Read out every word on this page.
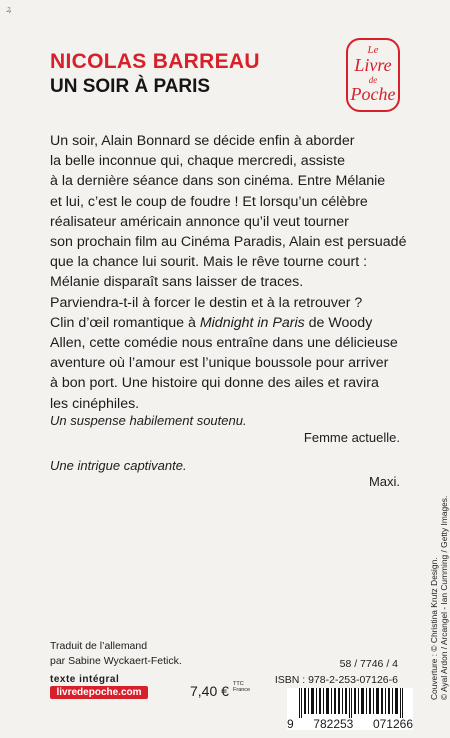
ꝝ
NICOLAS BARREAU
UN SOIR À PARIS
Le
Livre
de
Poche
Un soir, Alain Bonnard se décide enfin à aborder
la belle inconnue qui, chaque mercredi, assiste
à la dernière séance dans son cinéma. Entre Mélanie
et lui, c’est le coup de foudre ! Et lorsqu’un célèbre
réalisateur américain annonce qu’il veut tourner
son prochain film au Cinéma Paradis, Alain est persuadé
que la chance lui sourit. Mais le rêve tourne court :
Mélanie disparaît sans laisser de traces.
Parviendra-t-il à forcer le destin et à la retrouver ?
Clin d’œil romantique à Midnight in Paris de Woody
Allen, cette comédie nous entraîne dans une délicieuse
aventure où l’amour est l’unique boussole pour arriver
à bon port. Une histoire qui donne des ailes et ravira
les cinéphiles.
Un suspense habilement soutenu.
Femme actuelle.
Une intrigue captivante.
Maxi.
Couverture : © Christina Krutz Design. © Ayal Ardon / Arcangel - Ian Cumming / Getty Images.
Traduit de l’allemand
par Sabine Wyckaert-Fetick.
texte intégral
livredepoche.com	7,40 € TTC France
58 / 7746 / 4
ISBN : 978-2-253-07126-6
9 782253 071266
